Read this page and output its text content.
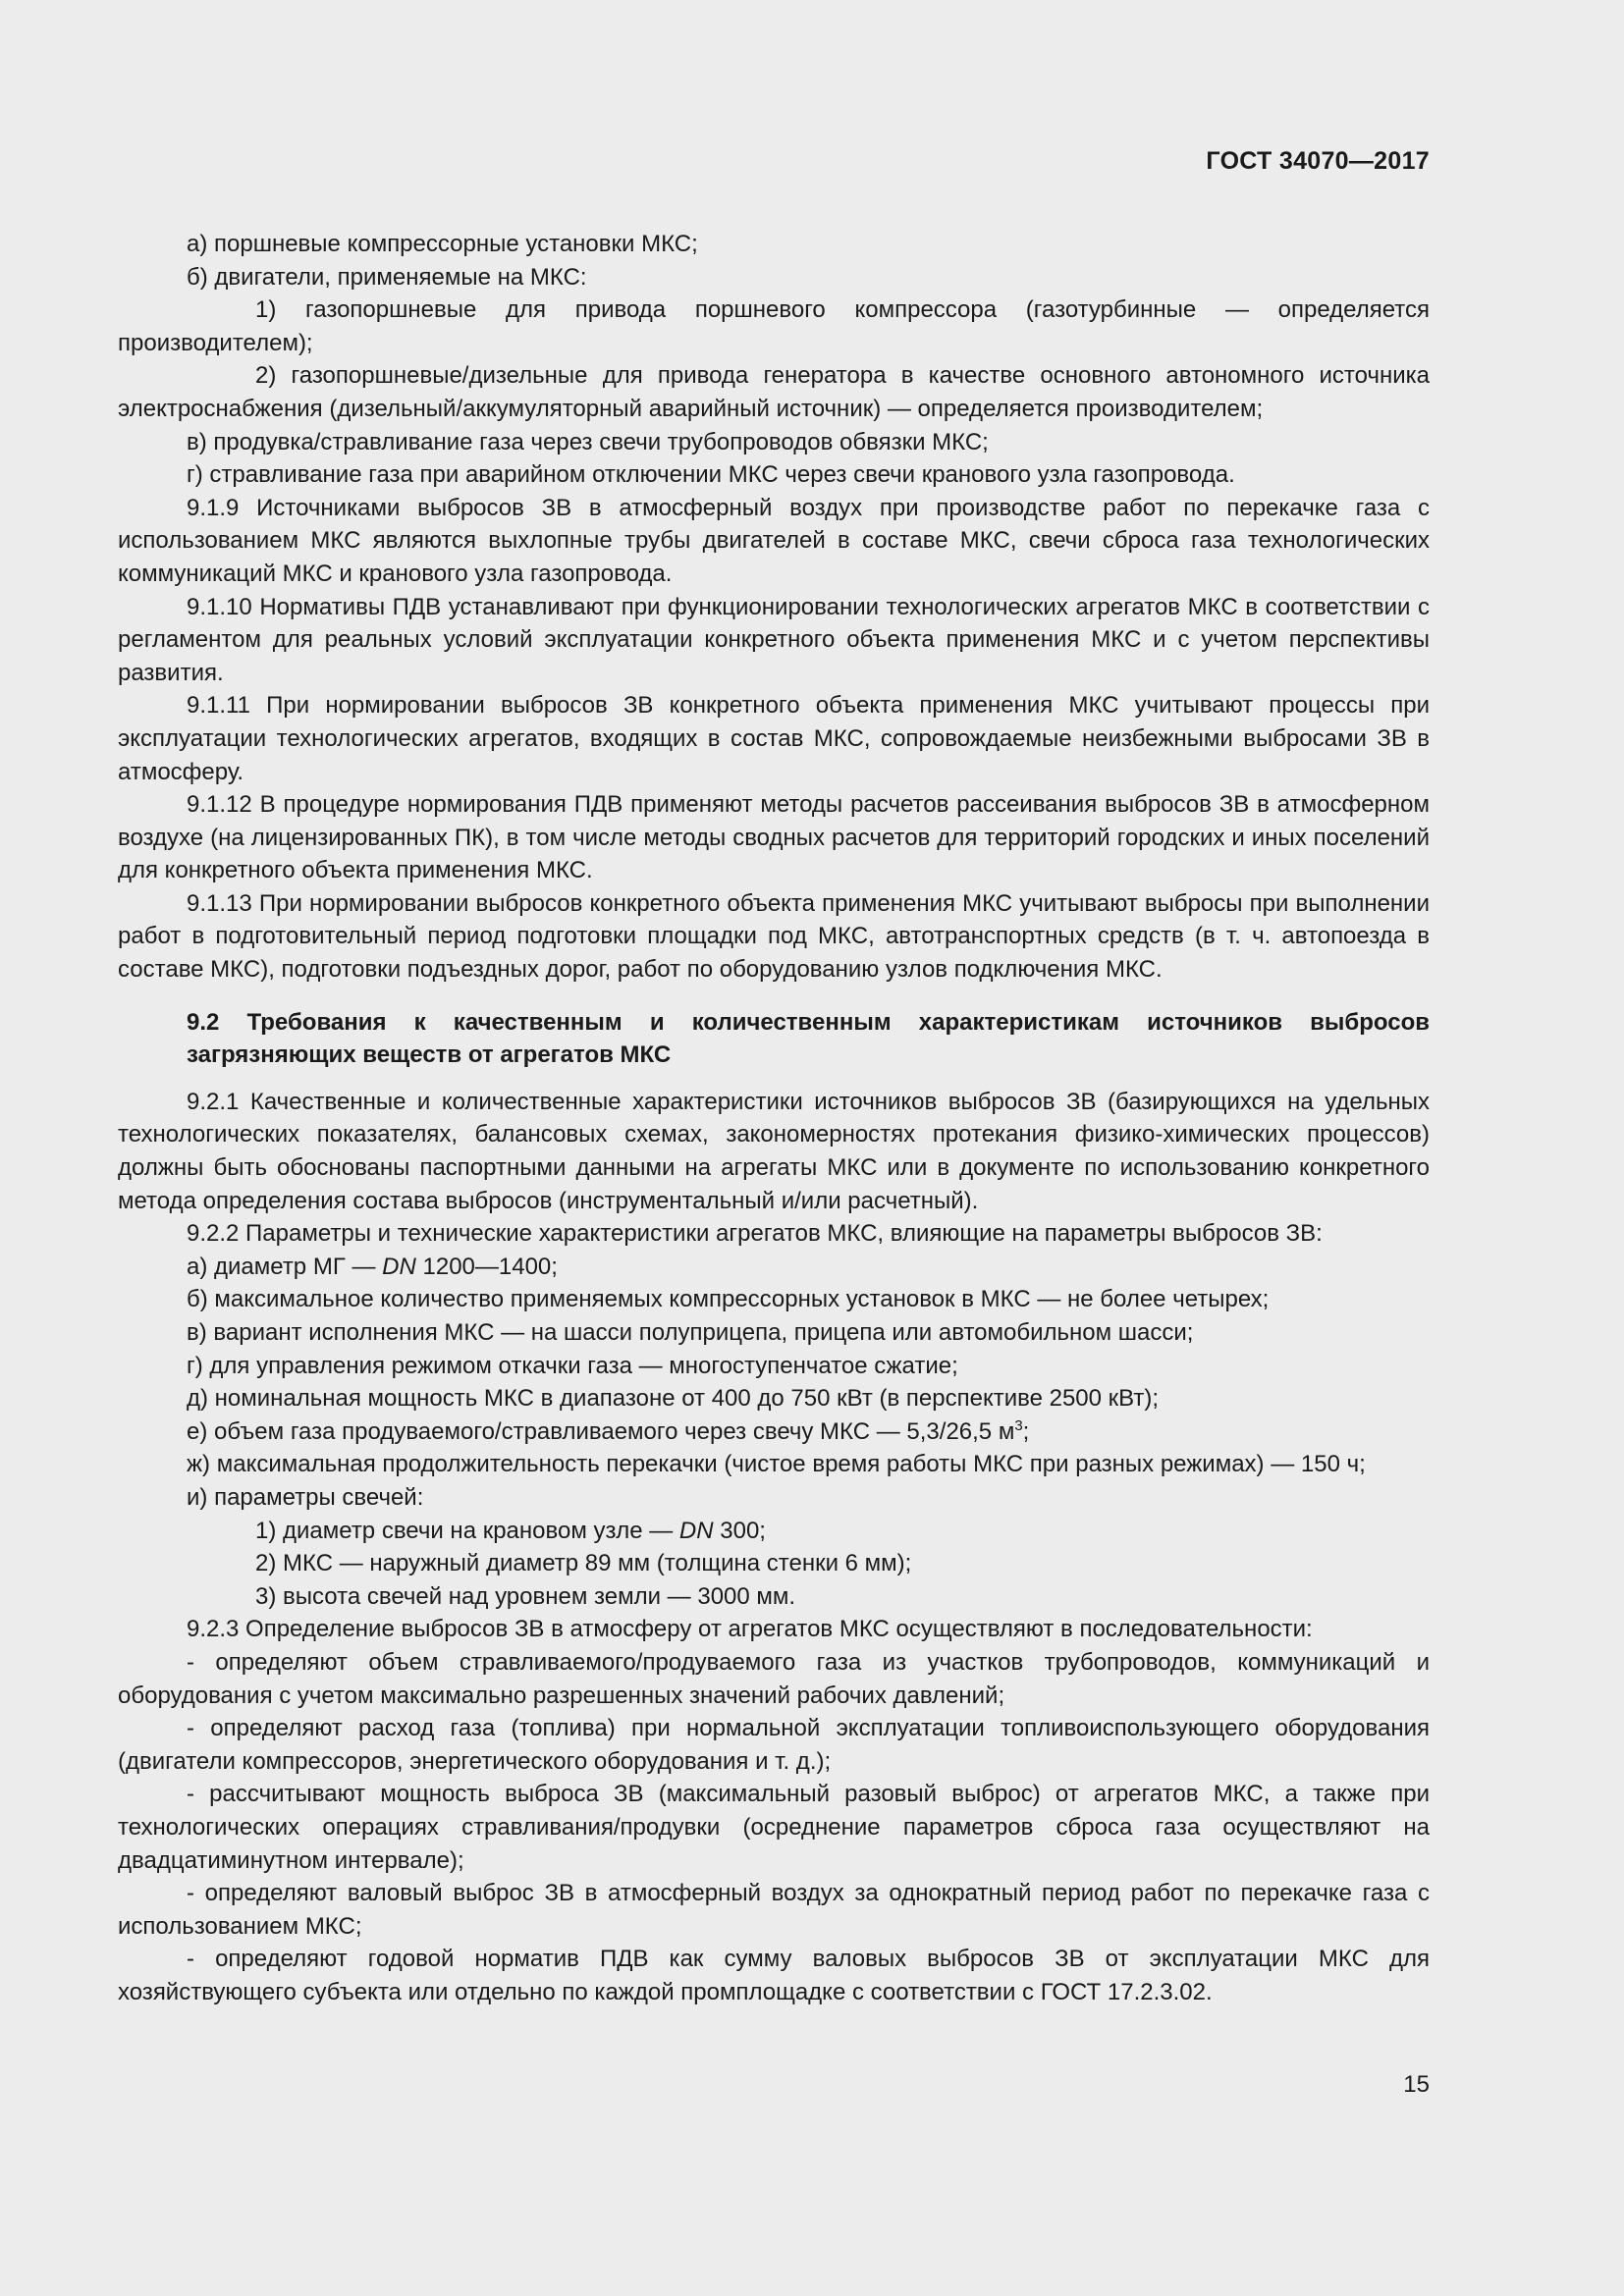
ГОСТ 34070—2017

а) поршневые компрессорные установки МКС;

б) двигатели, применяемые на МКС:

1) газопоршневые для привода поршневого компрессора (газотурбинные — определяется производителем);

2) газопоршневые/дизельные для привода генератора в качестве основного автономного источника электроснабжения (дизельный/аккумуляторный аварийный источник) — определяется производителем;

в) продувка/стравливание газа через свечи трубопроводов обвязки МКС;

г) стравливание газа при аварийном отключении МКС через свечи кранового узла газопровода.

9.1.9 Источниками выбросов ЗВ в атмосферный воздух при производстве работ по перекачке газа с использованием МКС являются выхлопные трубы двигателей в составе МКС, свечи сброса газа технологических коммуникаций МКС и кранового узла газопровода.

9.1.10 Нормативы ПДВ устанавливают при функционировании технологических агрегатов МКС в соответствии с регламентом для реальных условий эксплуатации конкретного объекта применения МКС и с учетом перспективы развития.

9.1.11 При нормировании выбросов ЗВ конкретного объекта применения МКС учитывают процессы при эксплуатации технологических агрегатов, входящих в состав МКС, сопровождаемые неизбежными выбросами ЗВ в атмосферу.

9.1.12 В процедуре нормирования ПДВ применяют методы расчетов рассеивания выбросов ЗВ в атмосферном воздухе (на лицензированных ПК), в том числе методы сводных расчетов для территорий городских и иных поселений для конкретного объекта применения МКС.

9.1.13 При нормировании выбросов конкретного объекта применения МКС учитывают выбросы при выполнении работ в подготовительный период подготовки площадки под МКС, автотранспортных средств (в т. ч. автопоезда в составе МКС), подготовки подъездных дорог, работ по оборудованию узлов подключения МКС.

9.2 Требования к качественным и количественным характеристикам источников выбросов загрязняющих веществ от агрегатов МКС

9.2.1 Качественные и количественные характеристики источников выбросов ЗВ (базирующихся на удельных технологических показателях, балансовых схемах, закономерностях протекания физико-химических процессов) должны быть обоснованы паспортными данными на агрегаты МКС или в документе по использованию конкретного метода определения состава выбросов (инструментальный и/или расчетный).

9.2.2 Параметры и технические характеристики агрегатов МКС, влияющие на параметры выбросов ЗВ:

а) диаметр МГ — DN 1200—1400;

б) максимальное количество применяемых компрессорных установок в МКС — не более четырех;

в) вариант исполнения МКС — на шасси полуприцепа, прицепа или автомобильном шасси;

г) для управления режимом откачки газа — многоступенчатое сжатие;

д) номинальная мощность МКС в диапазоне от 400 до 750 кВт (в перспективе 2500 кВт);

е) объем газа продуваемого/стравливаемого через свечу МКС — 5,3/26,5 $м^3$;

ж) максимальная продолжительность перекачки (чистое время работы МКС при разных режимах) — 150 ч;

и) параметры свечей:

1) диаметр свечи на крановом узле — DN 300;

2) МКС — наружный диаметр 89 мм (толщина стенки 6 мм);

3) высота свечей над уровнем земли — 3000 мм.

9.2.3 Определение выбросов ЗВ в атмосферу от агрегатов МКС осуществляют в последовательности:

- определяют объем стравливаемого/продуваемого газа из участков трубопроводов, коммуникаций и оборудования с учетом максимально разрешенных значений рабочих давлений;

- определяют расход газа (топлива) при нормальной эксплуатации топливоиспользующего оборудования (двигатели компрессоров, энергетического оборудования и т. д.);

- рассчитывают мощность выброса ЗВ (максимальный разовый выброс) от агрегатов МКС, а также при технологических операциях стравливания/продувки (осреднение параметров сброса газа осуществляют на двадцатиминутном интервале);

- определяют валовый выброс ЗВ в атмосферный воздух за однократный период работ по перекачке газа с использованием МКС;

- определяют годовой норматив ПДВ как сумму валовых выбросов ЗВ от эксплуатации МКС для хозяйствующего субъекта или отдельно по каждой промплощадке с соответствии с ГОСТ 17.2.3.02.

15
